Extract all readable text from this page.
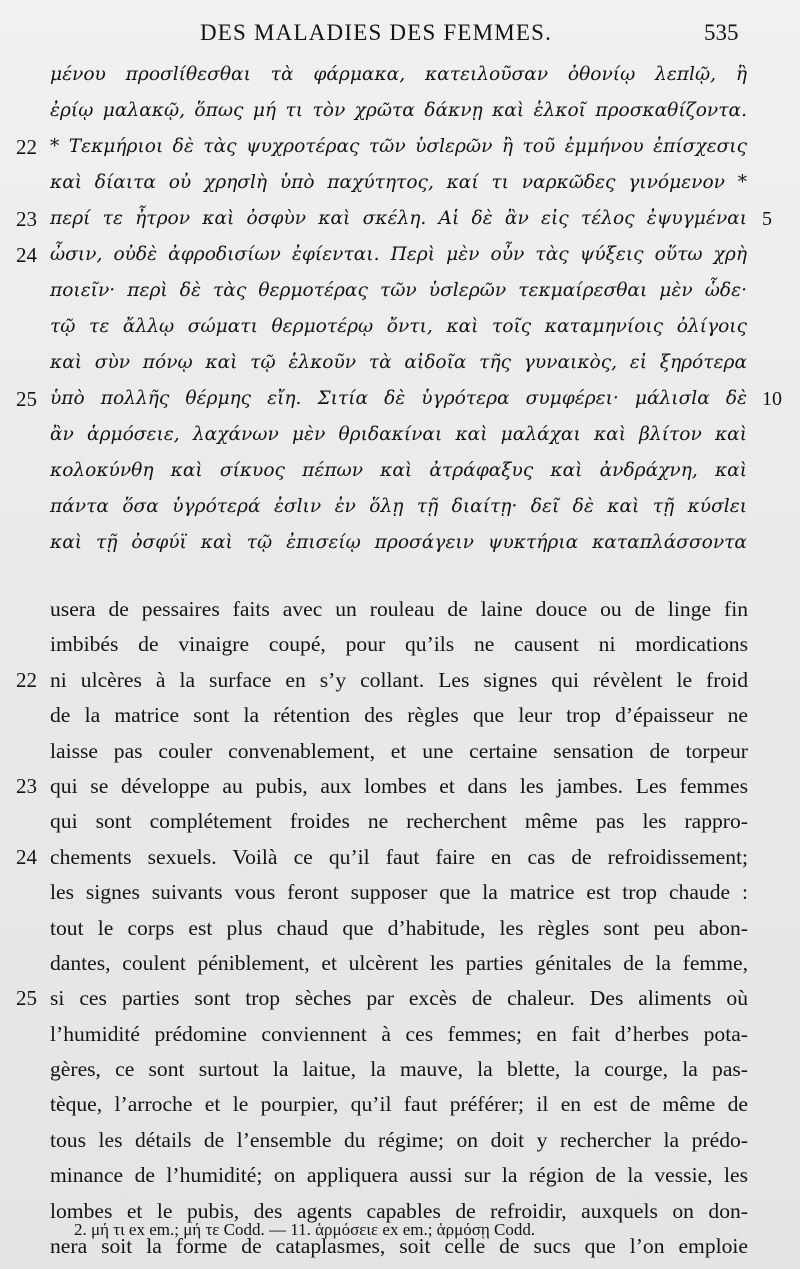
DES MALADIES DES FEMMES.	535
μένου προσlίθεσθαι τὰ φάρμακα, κατειλοῦσαν ὀθονίῳ λεπlῷ, ἢ
ἐρίῳ μαλακῷ, ὅπως μή τι τὸν χρῶτα δάκνῃ καὶ ἑλκοῖ προσκαθίζοντα.
22 * Τεκμήριοι δὲ τὰς ψυχροτέρας τῶν ὑσlερῶν ἢ τοῦ ἐμμήνου ἐπίσχεσις
καὶ δίαιτα οὐ χρησlὴ ὑπὸ παχύτητος, καί τι ναρκῶδες γινόμενον *
23 περί τε ἦτρον καὶ ὀσφὺν καὶ σκέλη. Αἱ δὲ ἂν εἰς τέλος ἐψυγμέναι 5
24 ὦσιν, οὐδὲ ἀφροδισίων ἐφίενται. Περὶ μὲν οὖν τὰς ψύξεις οὕτω χρὴ
ποιεῖν· περὶ δὲ τὰς θερμοτέρας τῶν ὑσlερῶν τεκμαίρεσθαι μὲν ὧδε·
τῷ τε ἄλλῳ σώματι θερμοτέρῳ ὄντι, καὶ τοῖς καταμηνίοις ὀλίγοις
καὶ σὺν πόνῳ καὶ τῷ ἑλκοῦν τὰ αἰδοῖα τῆς γυναικὸς, εἰ ξηρότερα
25 ὑπὸ πολλῆς θέρμης εἴη. Σιτία δὲ ὑγρότερα συμφέρει· μάλισlα δὲ 10
ἂν ἁρμόσειε, λαχάνων μὲν θριδακίναι καὶ μαλάχαι καὶ βλίτον καὶ
κολοκύνθη καὶ σίκυος πέπων καὶ ἀτράφαξυς καὶ ἀνδράχνη, καὶ
πάντα ὅσα ὑγρότερά ἐσlιν ἐν ὅλῃ τῇ διαίτῃ· δεῖ δὲ καὶ τῇ κύσlει
καὶ τῇ ὀσφύϊ καὶ τῷ ἐπισείῳ προσάγειν ψυκτήρια καταπλάσσοντα
usera de pessaires faits avec un rouleau de laine douce ou de linge fin
imbibés de vinaigre coupé, pour qu’ils ne causent ni mordications
22 ni ulcères à la surface en s’y collant. Les signes qui révèlent le froid
de la matrice sont la rétention des règles que leur trop d’épaisseur ne
laisse pas couler convenablement, et une certaine sensation de torpeur
23 qui se développe au pubis, aux lombes et dans les jambes. Les femmes
qui sont complétement froides ne recherchent même pas les rappro-
24 chements sexuels. Voilà ce qu’il faut faire en cas de refroidissement;
les signes suivants vous feront supposer que la matrice est trop chaude :
tout le corps est plus chaud que d’habitude, les règles sont peu abon-
dantes, coulent péniblement, et ulcèrent les parties génitales de la femme,
25 si ces parties sont trop sèches par excès de chaleur. Des aliments où
l’humidité prédomine conviennent à ces femmes; en fait d’herbes pota-
gères, ce sont surtout la laitue, la mauve, la blette, la courge, la pas-
tèque, l’arroche et le pourpier, qu’il faut préférer; il en est de même de
tous les détails de l’ensemble du régime; on doit y rechercher la prédo-
minance de l’humidité; on appliquera aussi sur la région de la vessie, les
lombes et le pubis, des agents capables de refroidir, auxquels on don-
nera soit la forme de cataplasmes, soit celle de sucs que l’on emploie
2. μή τι ex em.; μή τε Codd. — 11. ἁρμόσειε ex em.; ἁρμόσῃ Codd.
